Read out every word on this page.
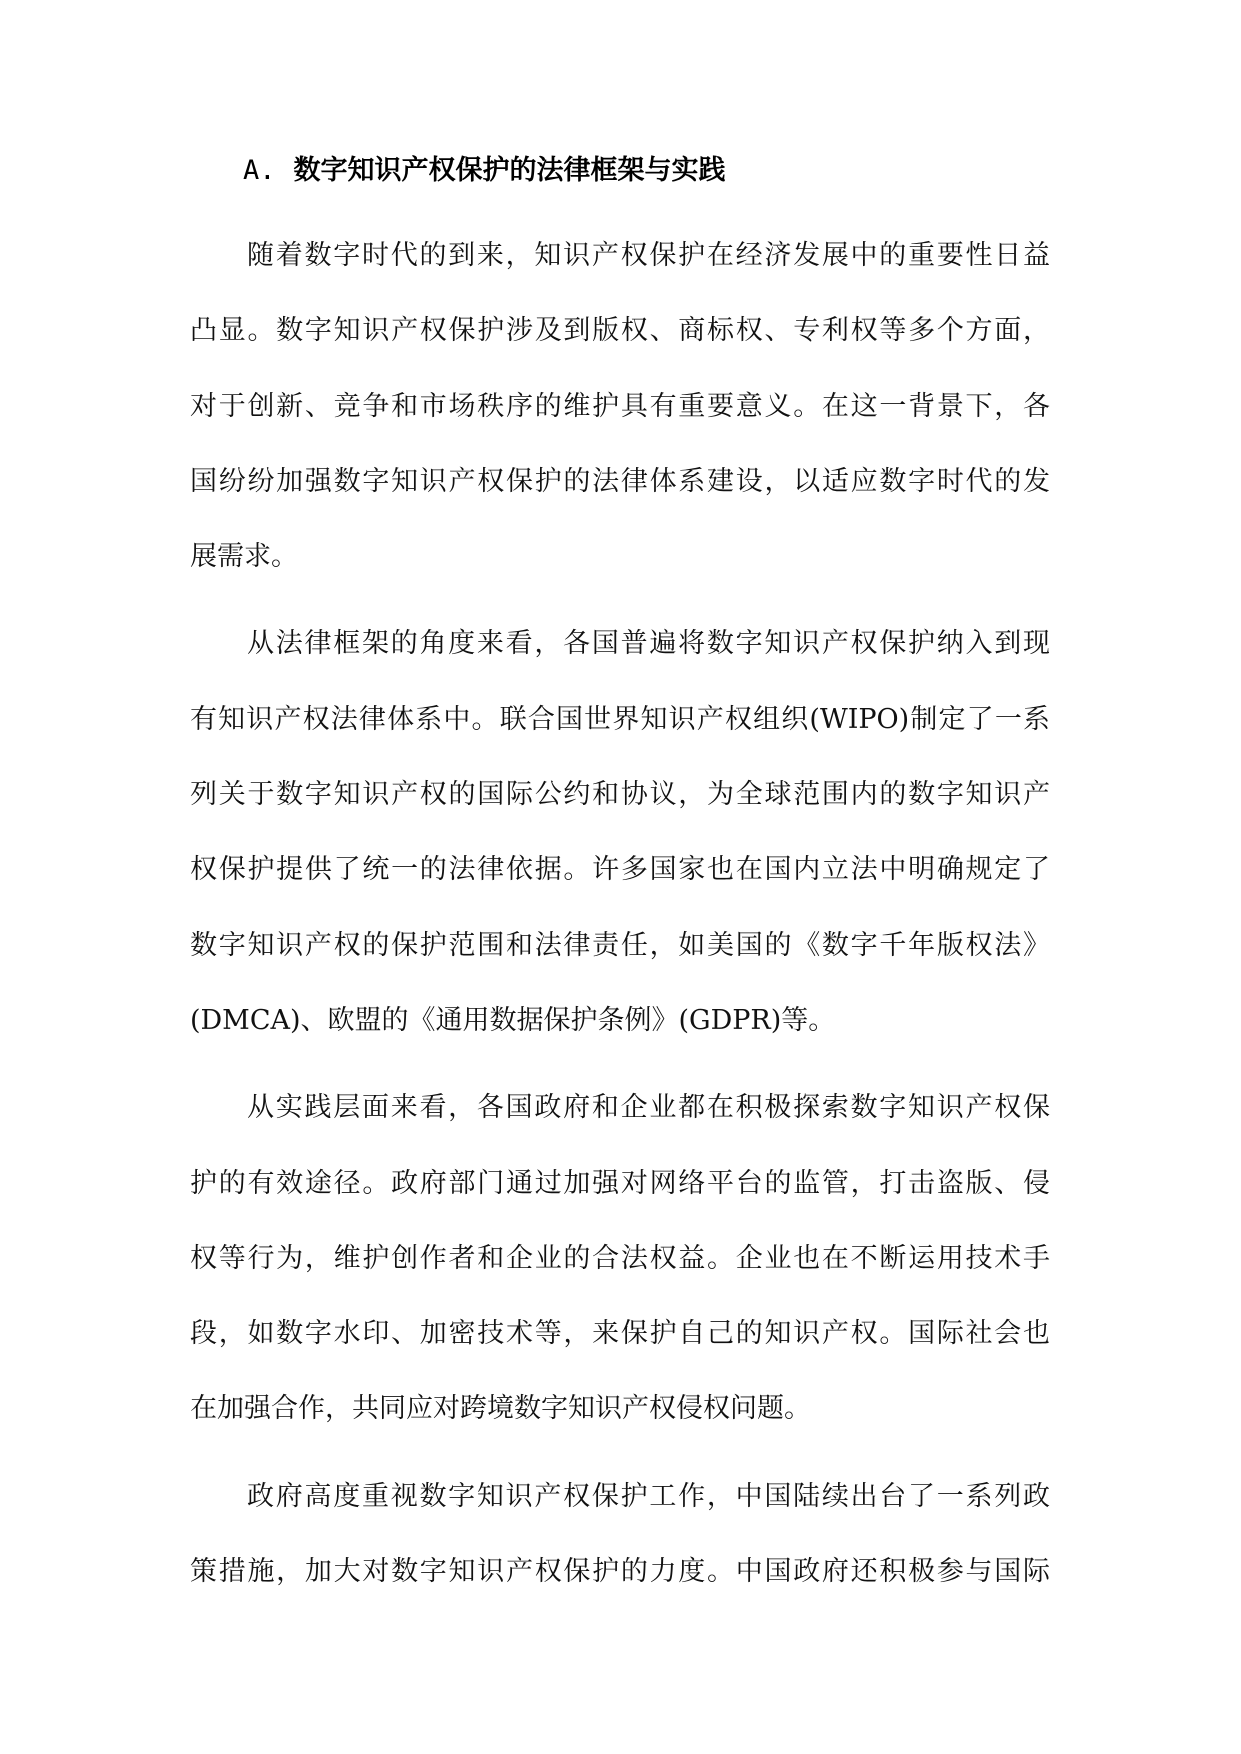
A. 数字知识产权保护的法律框架与实践
随着数字时代的到来，知识产权保护在经济发展中的重要性日益
凸显。数字知识产权保护涉及到版权、商标权、专利权等多个方面，
对于创新、竞争和市场秩序的维护具有重要意义。在这一背景下，各
国纷纷加强数字知识产权保护的法律体系建设，以适应数字时代的发
展需求。
从法律框架的角度来看，各国普遍将数字知识产权保护纳入到现
有知识产权法律体系中。联合国世界知识产权组织(WIPO)制定了一系
列关于数字知识产权的国际公约和协议，为全球范围内的数字知识产
权保护提供了统一的法律依据。许多国家也在国内立法中明确规定了
数字知识产权的保护范围和法律责任，如美国的《数字千年版权法》
(DMCA)、欧盟的《通用数据保护条例》(GDPR)等。
从实践层面来看，各国政府和企业都在积极探索数字知识产权保
护的有效途径。政府部门通过加强对网络平台的监管，打击盗版、侵
权等行为，维护创作者和企业的合法权益。企业也在不断运用技术手
段，如数字水印、加密技术等，来保护自己的知识产权。国际社会也
在加强合作，共同应对跨境数字知识产权侵权问题。
政府高度重视数字知识产权保护工作，中国陆续出台了一系列政
策措施，加大对数字知识产权保护的力度。中国政府还积极参与国际
